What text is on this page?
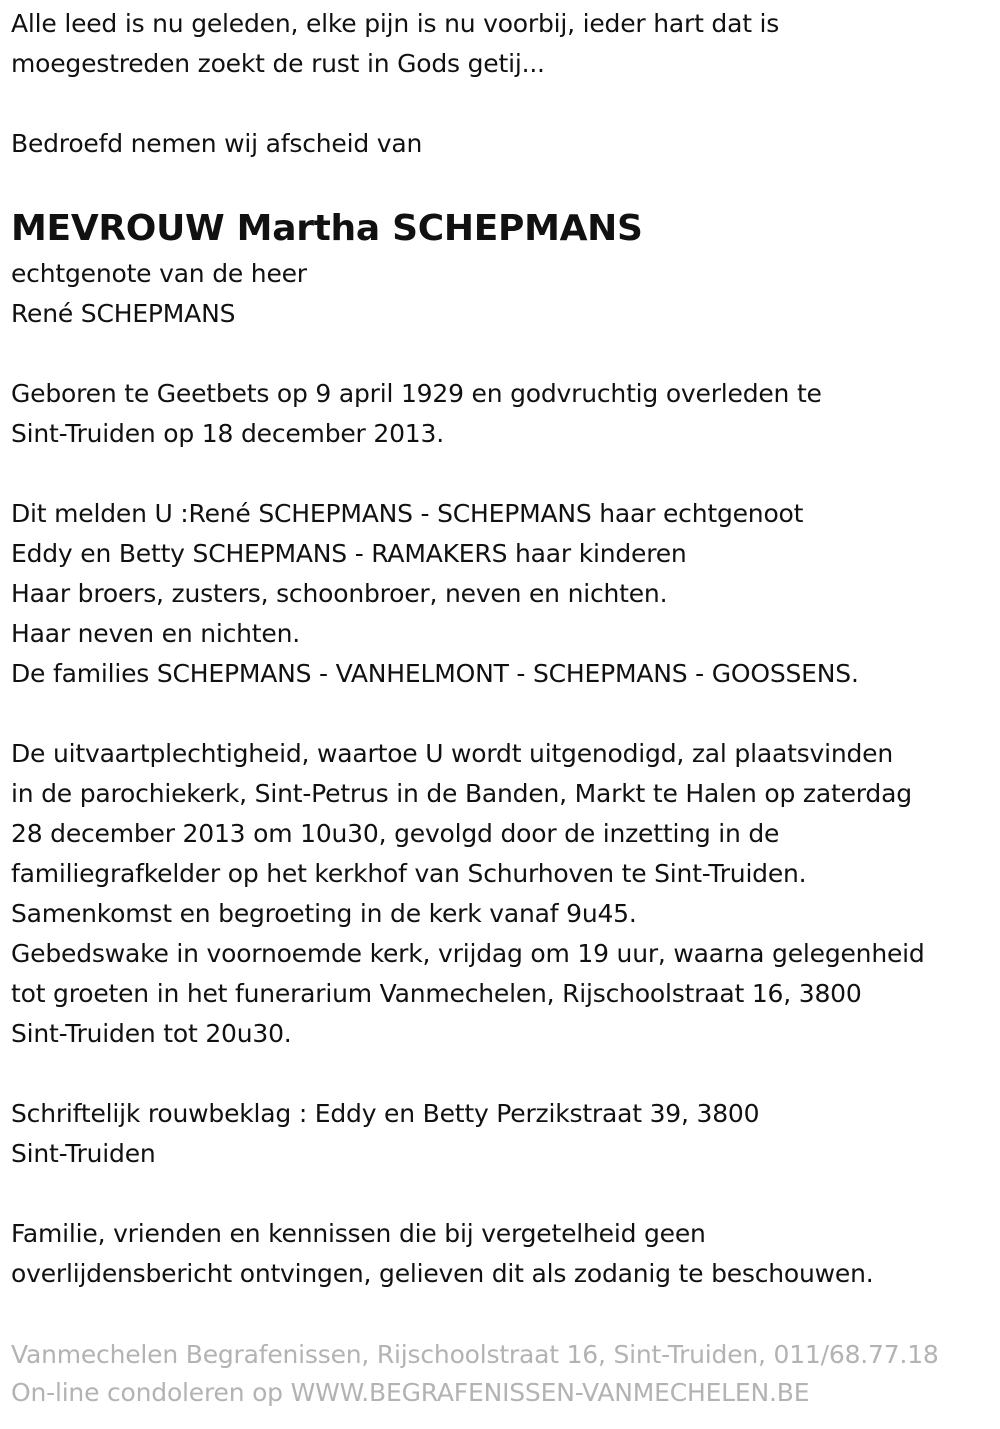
Alle leed is nu geleden, elke pijn is nu voorbij, ieder hart dat is
moegestreden zoekt de rust in Gods getij...
Bedroefd nemen wij afscheid van
MEVROUW Martha SCHEPMANS
echtgenote van de heer
René SCHEPMANS
Geboren te Geetbets op 9 april 1929 en godvruchtig overleden te
Sint-Truiden op 18 december 2013.
Dit melden U :René SCHEPMANS - SCHEPMANS haar echtgenoot
Eddy en Betty SCHEPMANS - RAMAKERS haar kinderen
Haar broers, zusters, schoonbroer, neven en nichten.
Haar neven en nichten.
De families SCHEPMANS - VANHELMONT - SCHEPMANS - GOOSSENS.
De uitvaartplechtigheid, waartoe U wordt uitgenodigd, zal plaatsvinden
in de parochiekerk, Sint-Petrus in de Banden, Markt te Halen op zaterdag
28 december 2013 om 10u30, gevolgd door de inzetting in de
familiegrafkelder op het kerkhof van Schurhoven te Sint-Truiden.
Samenkomst en begroeting in de kerk vanaf 9u45.
Gebedswake in voornoemde kerk, vrijdag om 19 uur, waarna gelegenheid
tot groeten in het funerarium Vanmechelen, Rijschoolstraat 16, 3800
Sint-Truiden tot 20u30.
Schriftelijk rouwbeklag : Eddy en Betty Perzikstraat 39, 3800
Sint-Truiden
Familie, vrienden en kennissen die bij vergetelheid geen
overlijdensbericht ontvingen, gelieven dit als zodanig te beschouwen.
Vanmechelen Begrafenissen, Rijschoolstraat 16, Sint-Truiden, 011/68.77.18
On-line condoleren op WWW.BEGRAFENISSEN-VANMECHELEN.BE
